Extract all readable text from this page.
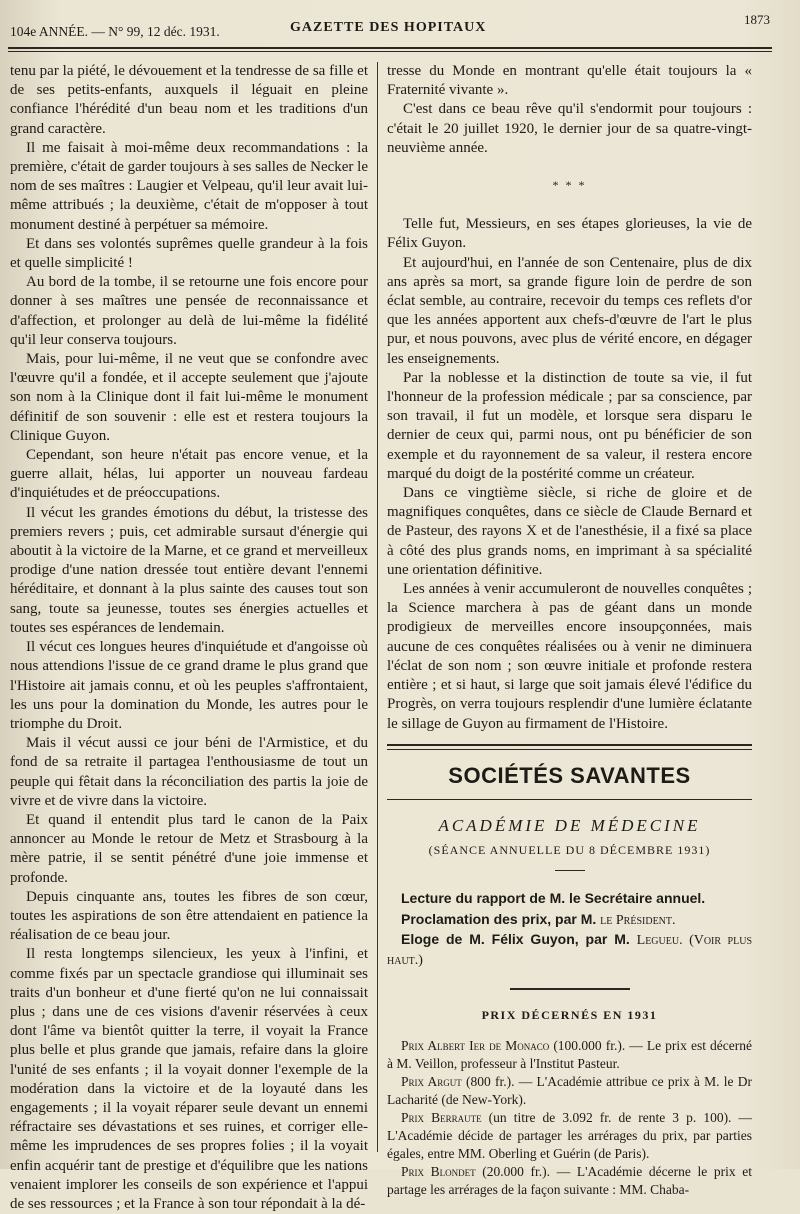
104e ANNÉE. — N° 99, 12 déc. 1931.	GAZETTE DES HOPITAUX
1873

tenu par la piété, le dévouement et la tendresse de sa fille et de ses petits-enfants, auxquels il léguait en pleine confiance l'hérédité d'un beau nom et les traditions d'un grand caractère.

Il me faisait à moi-même deux recommandations : la première, c'était de garder toujours à ses salles de Necker le nom de ses maîtres : Laugier et Velpeau, qu'il leur avait lui-même attribués ; la deuxième, c'était de m'opposer à tout monument destiné à perpétuer sa mémoire.

Et dans ses volontés suprêmes quelle grandeur à la fois et quelle simplicité !

Au bord de la tombe, il se retourne une fois encore pour donner à ses maîtres une pensée de reconnaissance et d'affection, et prolonger au delà de lui-même la fidélité qu'il leur conserva toujours.

Mais, pour lui-même, il ne veut que se confondre avec l'œuvre qu'il a fondée, et il accepte seulement que j'ajoute son nom à la Clinique dont il fait lui-même le monument définitif de son souvenir : elle est et restera toujours la Clinique Guyon.

Cependant, son heure n'était pas encore venue, et la guerre allait, hélas, lui apporter un nouveau fardeau d'inquiétudes et de préoccupations.

Il vécut les grandes émotions du début, la tristesse des premiers revers ; puis, cet admirable sursaut d'énergie qui aboutit à la victoire de la Marne, et ce grand et merveilleux prodige d'une nation dressée tout entière devant l'ennemi héréditaire, et donnant à la plus sainte des causes tout son sang, toute sa jeunesse, toutes ses énergies actuelles et toutes ses espérances de lendemain.

Il vécut ces longues heures d'inquiétude et d'angoisse où nous attendions l'issue de ce grand drame le plus grand que l'Histoire ait jamais connu, et où les peuples s'affrontaient, les uns pour la domination du Monde, les autres pour le triomphe du Droit.

Mais il vécut aussi ce jour béni de l'Armistice, et du fond de sa retraite il partagea l'enthousiasme de tout un peuple qui fêtait dans la réconciliation des partis la joie de vivre et de vivre dans la victoire.

Et quand il entendit plus tard le canon de la Paix annoncer au Monde le retour de Metz et Strasbourg à la mère patrie, il se sentit pénétré d'une joie immense et profonde.

Depuis cinquante ans, toutes les fibres de son cœur, toutes les aspirations de son être attendaient en patience la réalisation de ce beau jour.

Il resta longtemps silencieux, les yeux à l'infini, et comme fixés par un spectacle grandiose qui illuminait ses traits d'un bonheur et d'une fierté qu'on ne lui connaissait plus ; dans une de ces visions d'avenir réservées à ceux dont l'âme va bientôt quitter la terre, il voyait la France plus belle et plus grande que jamais, refaire dans la gloire l'unité de ses enfants ; il la voyait donner l'exemple de la modération dans la victoire et de la loyauté dans les engagements ; il la voyait réparer seule devant un ennemi réfractaire ses dévastations et ses ruines, et corriger elle-même les imprudences de ses propres folies ; il la voyait enfin acquérir tant de prestige et d'équilibre que les nations venaient implorer les conseils de son expérience et l'appui de ses ressources ; et la France à son tour répondait à la dé-

tresse du Monde en montrant qu'elle était toujours la « Fraternité vivante ».

C'est dans ce beau rêve qu'il s'endormit pour toujours : c'était le 20 juillet 1920, le dernier jour de sa quatre-vingt-neuvième année.

* * *

Telle fut, Messieurs, en ses étapes glorieuses, la vie de Félix Guyon.

Et aujourd'hui, en l'année de son Centenaire, plus de dix ans après sa mort, sa grande figure loin de perdre de son éclat semble, au contraire, recevoir du temps ces reflets d'or que les années apportent aux chefs-d'œuvre de l'art le plus pur, et nous pouvons, avec plus de vérité encore, en dégager les enseignements.

Par la noblesse et la distinction de toute sa vie, il fut l'honneur de la profession médicale ; par sa conscience, par son travail, il fut un modèle, et lorsque sera disparu le dernier de ceux qui, parmi nous, ont pu bénéficier de son exemple et du rayonnement de sa valeur, il restera encore marqué du doigt de la postérité comme un créateur.

Dans ce vingtième siècle, si riche de gloire et de magnifiques conquêtes, dans ce siècle de Claude Bernard et de Pasteur, des rayons X et de l'anesthésie, il a fixé sa place à côté des plus grands noms, en imprimant à sa spécialité une orientation définitive.

Les années à venir accumuleront de nouvelles conquêtes ; la Science marchera à pas de géant dans un monde prodigieux de merveilles encore insoupçonnées, mais aucune de ces conquêtes réalisées ou à venir ne diminuera l'éclat de son nom ; son œuvre initiale et profonde restera entière ; et si haut, si large que soit jamais élevé l'édifice du Progrès, on verra toujours resplendir d'une lumière éclatante le sillage de Guyon au firmament de l'Histoire.

SOCIÉTÉS SAVANTES
ACADÉMIE DE MÉDECINE
(SÉANCE ANNUELLE DU 8 DÉCEMBRE 1931)

Lecture du rapport de M. le Secrétaire annuel.

Proclamation des prix, par M. le Président.

Eloge de M. Félix Guyon, par M. Legueu. (Voir plus haut.)

PRIX DÉCERNÉS EN 1931

Prix Albert Ier de Monaco (100.000 fr.). — Le prix est décerné à M. Veillon, professeur à l'Institut Pasteur.

Prix Argut (800 fr.). — L'Académie attribue ce prix à M. le Dr Lacharité (de New-York).

Prix Berraute (un titre de 3.092 fr. de rente 3 p. 100). — L'Académie décide de partager les arrérages du prix, par parties égales, entre MM. Oberling et Guérin (de Paris).

Prix Blondet (20.000 fr.). — L'Académie décerne le prix et partage les arrérages de la façon suivante : MM. Chaba-
